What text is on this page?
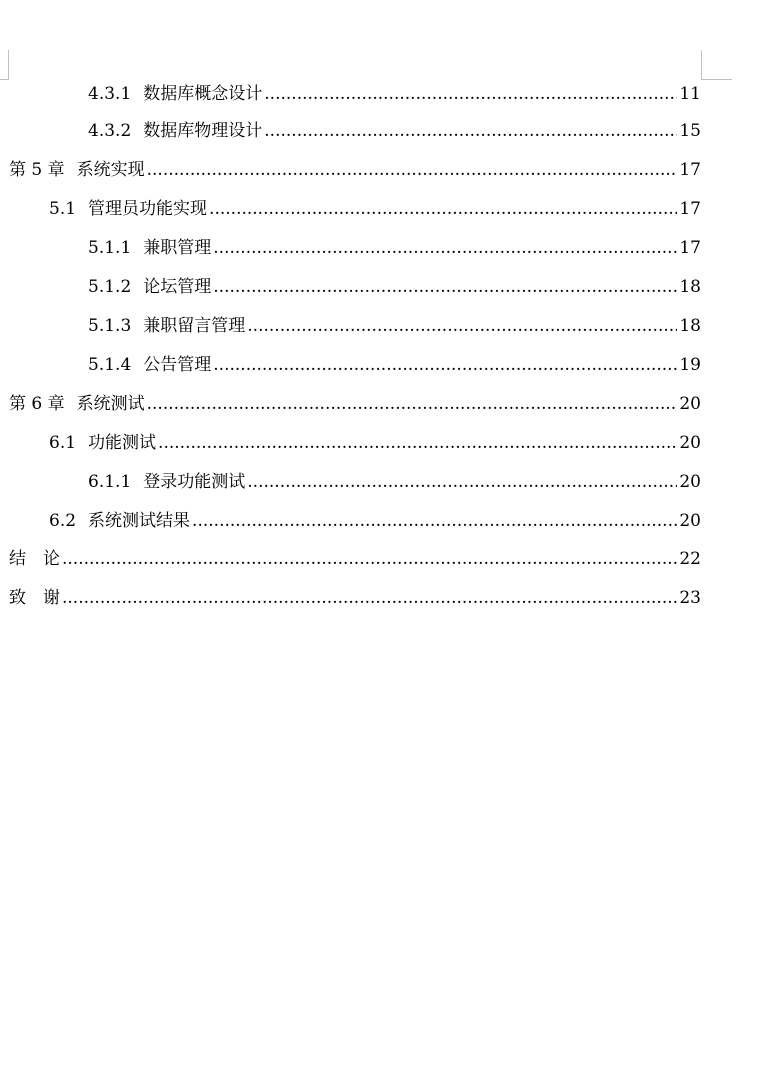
4.3.1 数据库概念设计 .....	11
4.3.2 数据库物理设计 .....	15
第 5 章 系统实现 .....	17
5.1 管理员功能实现 .....	17
5.1.1 兼职管理 .....	17
5.1.2 论坛管理 .....	18
5.1.3 兼职留言管理 .....	18
5.1.4 公告管理 .....	19
第 6 章 系统测试 .....	20
6.1 功能测试 .....	20
6.1.1 登录功能测试 .....	20
6.2 系统测试结果 .....	20
结　论 .....	22
致　谢 .....	23
